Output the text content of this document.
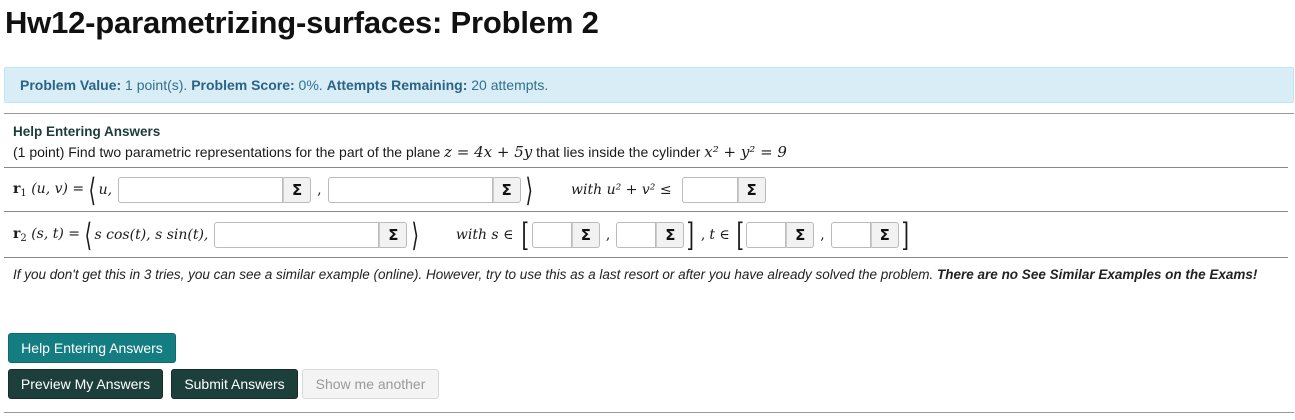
Hw12-parametrizing-surfaces: Problem 2
Problem Value: 1 point(s). Problem Score: 0%. Attempts Remaining: 20 attempts.
Help Entering Answers
(1 point) Find two parametric representations for the part of the plane z = 4x + 5y that lies inside the cylinder x² + y² = 9
$r_1$ (u, v) = ⟨ u,	Σ	,	Σ ⟩	with u² + v² ≤	Σ
$r_2$ (s, t) = ⟨ s cos(t), s sin(t),	Σ ⟩	with s ∈ [	Σ	,	Σ ] , t ∈ [	Σ	,	Σ ]
If you don't get this in 3 tries, you can see a similar example (online). However, try to use this as a last resort or after you have already solved the problem. There are no See Similar Examples on the Exams!
Help Entering Answers
Preview My Answers	Submit Answers	Show me another
